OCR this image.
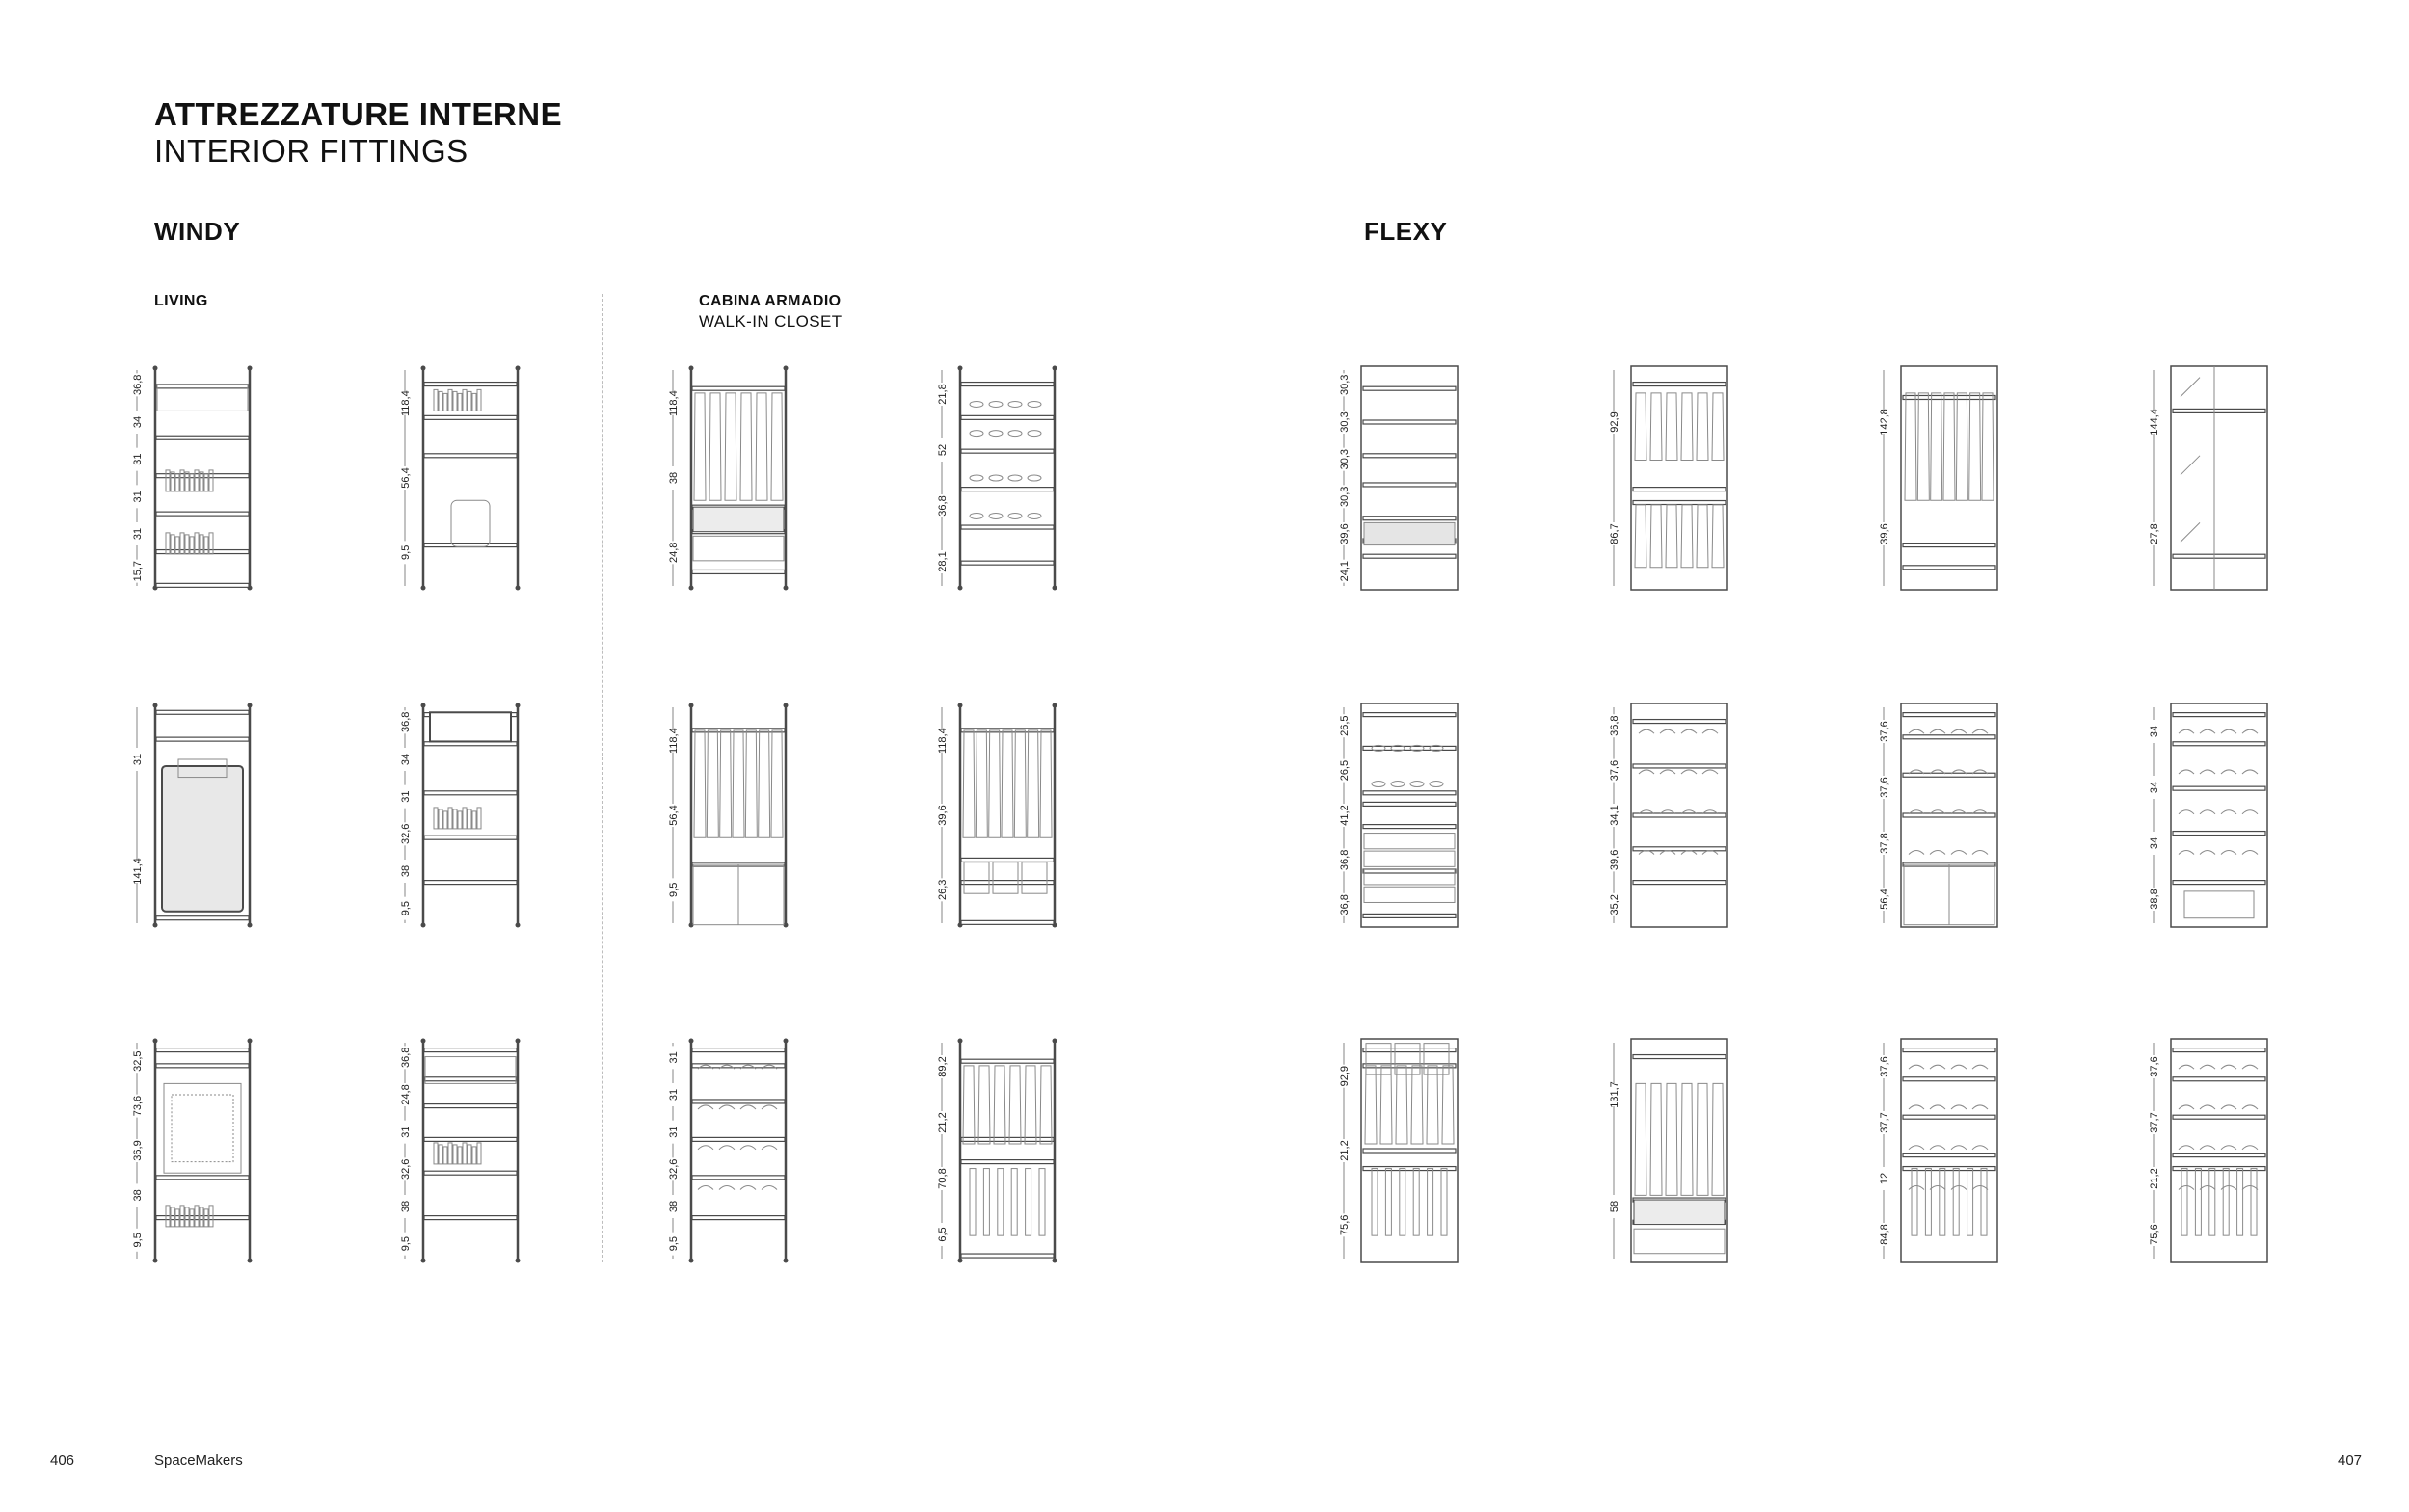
ATTREZZATURE INTERNE
INTERIOR FITTINGS
WINDY	FLEXY
LIVING	CABINA ARMADIO
WALK-IN CLOSET
15,7
31
31
31
34
36,8
9,5
56,4
118,4
24,8
38
118,4
28,1
36,8
52
21,8
141,4
31
9,5
38
32,6
31
34
36,8
9,5
56,4
118,4
26,3
39,6
118,4
9,5
38
36,9
73,6
32,5
9,5
38
32,6
31
24,8
36,8
9,5
38
32,6
31
31
31
6,5
70,8
21,2
89,2
24,1
39,6
30,3
30,3
30,3
30,3
86,7
92,9
39,6
142,8
27,8
144,4
36,8
36,8
41,2
26,5
26,5
35,2
39,6
34,1
37,6
36,8
56,4
37,8
37,6
37,6
38,8
34
34
34
75,6
21,2
92,9
58
131,7
84,8
12
37,7
37,6
75,6
21,2
37,7
37,6
406	SpaceMakers	407
